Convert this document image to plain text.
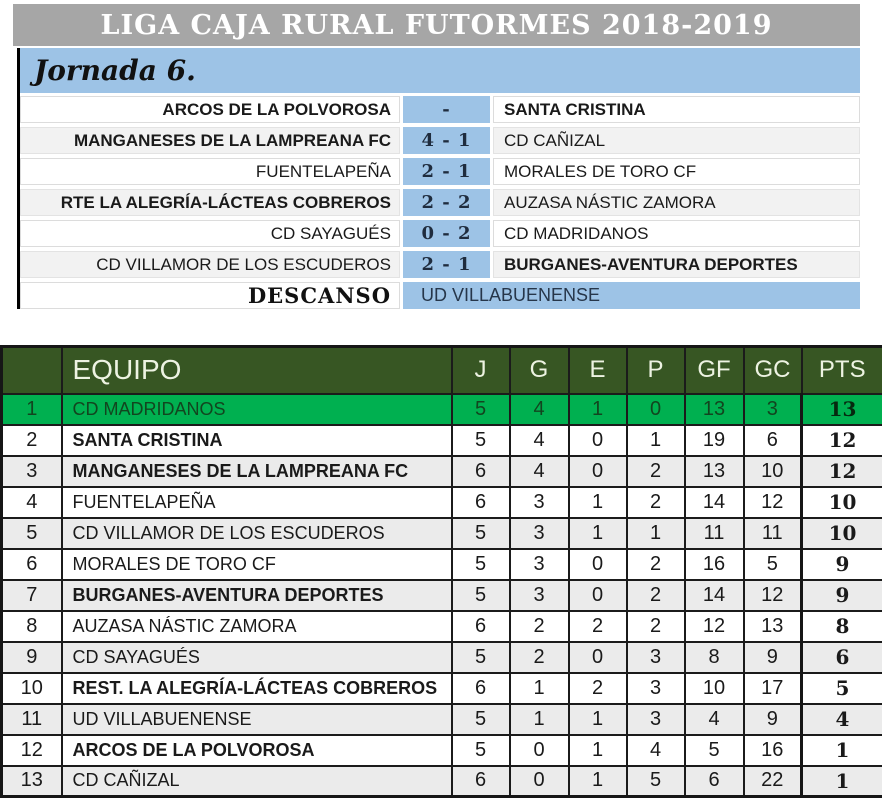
LIGA CAJA RURAL FUTORMES 2018-2019
Jornada 6.
ARCOS DE LA POLVOROSA	-	SANTA CRISTINA
MANGANESES DE LA LAMPREANA FC	4 - 1	CD CAÑIZAL
FUENTELAPEÑA	2 - 1	MORALES DE TORO CF
RTE LA ALEGRÍA-LÁCTEAS COBREROS	2 - 2	AUZASA NÁSTIC ZAMORA
CD SAYAGUÉS	0 - 2	CD MADRIDANOS
CD VILLAMOR DE LOS ESCUDEROS	2 - 1	BURGANES-AVENTURA DEPORTES
DESCANSO	UD VILLABUENENSE
	EQUIPO	J	G	E	P	GF	GC	PTS
1	CD MADRIDANOS	5	4	1	0	13	3	13
2	SANTA CRISTINA	5	4	0	1	19	6	12
3	MANGANESES DE LA LAMPREANA FC	6	4	0	2	13	10	12
4	FUENTELAPEÑA	6	3	1	2	14	12	10
5	CD VILLAMOR DE LOS ESCUDEROS	5	3	1	1	11	11	10
6	MORALES DE TORO CF	5	3	0	2	16	5	9
7	BURGANES-AVENTURA DEPORTES	5	3	0	2	14	12	9
8	AUZASA NÁSTIC ZAMORA	6	2	2	2	12	13	8
9	CD SAYAGUÉS	5	2	0	3	8	9	6
10	REST. LA ALEGRÍA-LÁCTEAS COBREROS	6	1	2	3	10	17	5
11	UD VILLABUENENSE	5	1	1	3	4	9	4
12	ARCOS DE LA POLVOROSA	5	0	1	4	5	16	1
13	CD CAÑIZAL	6	0	1	5	6	22	1
